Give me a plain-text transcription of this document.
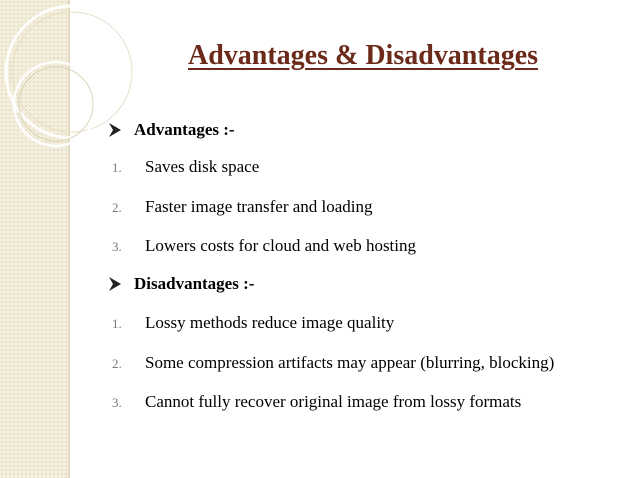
Advantages & Disadvantages
Advantages :-
1. Saves disk space
2. Faster image transfer and loading
3. Lowers costs for cloud and web hosting
Disadvantages :-
1. Lossy methods reduce image quality
2. Some compression artifacts may appear (blurring, blocking)
3. Cannot fully recover original image from lossy formats
